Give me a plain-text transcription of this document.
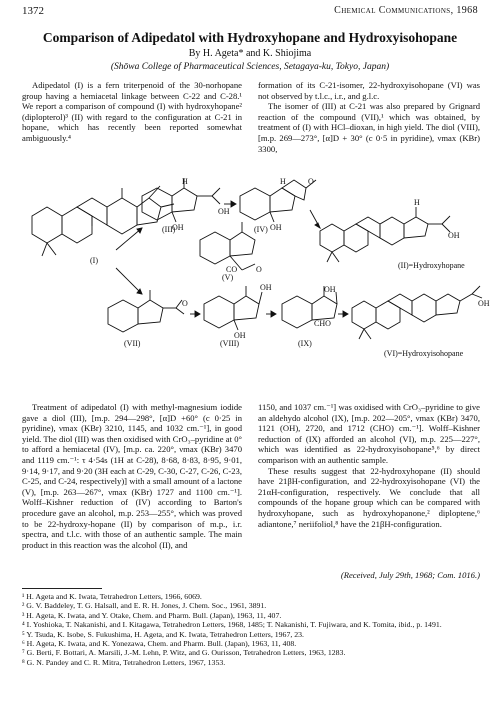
1372	Chemical Communications, 1968
Comparison of Adipedatol with Hydroxyhopane and Hydroxyisohopane
By H. Ageta* and K. Shiojima
(Shōwa College of Pharmaceutical Sciences, Setagaya-ku, Tokyo, Japan)

Adipedatol (I) is a fern triterpenoid of the 30-norhopane group having a hemiacetal linkage between C-22 and C-28.¹ We report a comparison of compound (I) with hydroxyhopane² (diplopterol)³ (II) with regard to the configuration at C-21 in hopane, which has recently been reported somewhat ambiguously.⁴

formation of its C-21-isomer, 22-hydroxyisohopane (VI) was not observed by t.l.c., i.r., and g.l.c.

The isomer of (III) at C-21 was also prepared by Grignard reaction of the compound (VII),¹ which was obtained, by treatment of (I) with HCl–dioxan, in high yield. The diol (VIII), [m.p. 269—273°, [α]D + 30° (c 0·5 in pyridine), νmax (KBr) 3300,

(I)
(III)	(IV)
(V)
(II)=Hydroxyhopane
(VII)	(VIII)	(IX)
(VI)=Hydroxyisohopane
H	H
H
OH
OH
O
OH
OH
CO O
O
OH
OH
OH
CHO
OH

Treatment of adipedatol (I) with methyl-magnesium iodide gave a diol (III), [m.p. 294—298°, [α]D +60° (c 0·25 in pyridine), νmax (KBr) 3210, 1145, and 1032 cm.⁻¹], in good yield. The diol (III) was then oxidised with CrO₃–pyridine at 0° to afford a hemiacetal (IV), [m.p. ca. 220°, νmax (KBr) 3470 and 1119 cm.⁻¹: τ 4·54s (1H at C-28), 8·68, 8·83, 8·95, 9·01, 9·14, 9·17, and 9·20 (3H each at C-29, C-30, C-27, C-26, C-23, C-25, and C-24, respectively)] with a small amount of a lactone (V), [m.p. 263—267°, νmax (KBr) 1727 and 1100 cm.⁻¹]. Wolff–Kishner reduction of (IV) according to Barton's procedure gave an alcohol, m.p. 253—255°, which was proved to be 22-hydroxy-hopane (II) by comparison of m.p., i.r. spectra, and t.l.c. with those of an authentic sample. The main product in this reaction was the alcohol (II), and

1150, and 1037 cm.⁻¹] was oxidised with CrO₃–pyridine to give an aldehydo alcohol (IX), [m.p. 202—205°, νmax (KBr) 3470, 1121 (OH), 2720, and 1712 (CHO) cm.⁻¹]. Wolff–Kishner reduction of (IX) afforded an alcohol (VI), m.p. 225—227°, which was identified as 22-hydroxyisohopane⁵,⁶ by direct comparison with an authentic sample.

These results suggest that 22-hydroxyhopane (II) should have 21βH-configuration, and 22-hydroxyisohopane (VI) the 21αH-configuration, respectively. We conclude that all compounds of the hopane group which can be compared with hydroxyhopane, such as hydroxyhopanone,² diploptene,⁶ adiantone,⁷ neriifoliol,⁸ have the 21βH-configuration.

(Received, July 29th, 1968; Com. 1016.)
¹ H. Ageta and K. Iwata, Tetrahedron Letters, 1966, 6069.
² G. V. Baddeley, T. G. Halsall, and E. R. H. Jones, J. Chem. Soc., 1961, 3891.
³ H. Ageta, K. Iwata, and Y. Otake, Chem. and Pharm. Bull. (Japan), 1963, 11, 407.
⁴ I. Yoshioka, T. Nakanishi, and I. Kitagawa, Tetrahedron Letters, 1968, 1485; T. Nakanishi, T. Fujiwara, and K. Tomita, ibid., p. 1491.
⁵ Y. Tsuda, K. Isobe, S. Fukushima, H. Ageta, and K. Iwata, Tetrahedron Letters, 1967, 23.
⁶ H. Ageta, K. Iwata, and K. Yonezawa, Chem. and Pharm. Bull. (Japan), 1963, 11, 408.
⁷ G. Berti, F. Bottari, A. Marsili, J.-M. Lehn, P. Witz, and G. Ourisson, Tetrahedron Letters, 1963, 1283.
⁸ G. N. Pandey and C. R. Mitra, Tetrahedron Letters, 1967, 1353.
